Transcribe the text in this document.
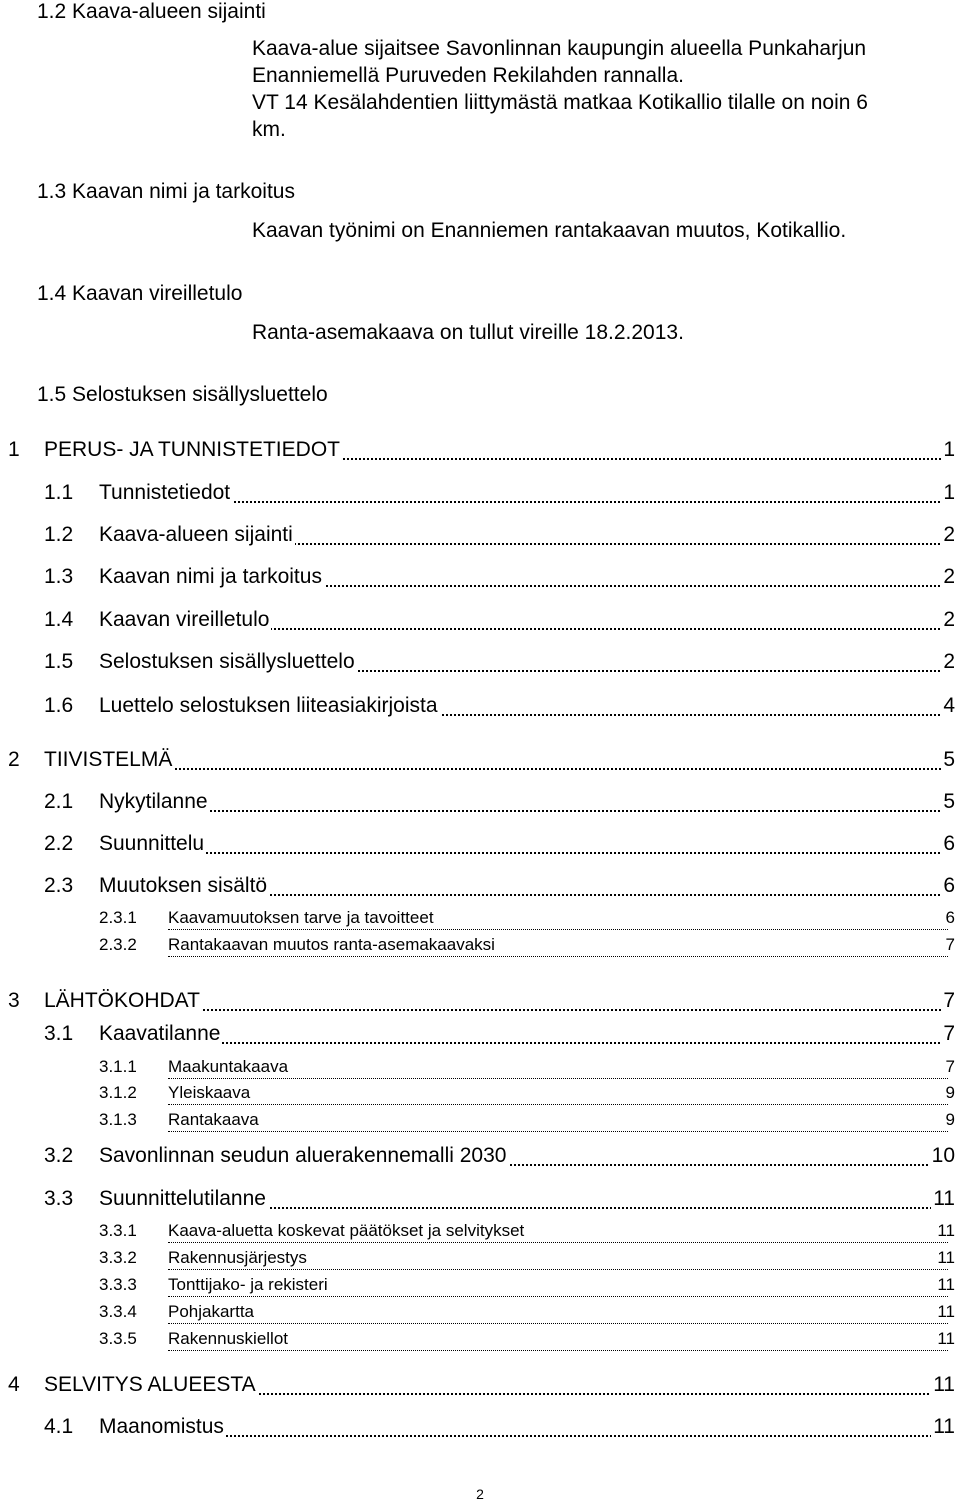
1.2 Kaava-alueen sijainti
Kaava-alue sijaitsee Savonlinnan kaupungin alueella Punkaharjun
Enanniemellä Puruveden Rekilahden rannalla.
VT 14 Kesälahdentien liittymästä matkaa Kotikallio tilalle on noin 6
km.
1.3 Kaavan nimi ja tarkoitus
Kaavan työnimi on Enanniemen rantakaavan muutos, Kotikallio.
1.4 Kaavan vireilletulo
Ranta-asemakaava on tullut vireille 18.2.2013.
1.5 Selostuksen sisällysluettelo
1 PERUS- JA TUNNISTETIEDOT	1
1.1 Tunnistetiedot	1
1.2 Kaava-alueen sijainti	2
1.3 Kaavan nimi ja tarkoitus	2
1.4 Kaavan vireilletulo	2
1.5 Selostuksen sisällysluettelo	2
1.6 Luettelo selostuksen liiteasiakirjoista	4
2 TIIVISTELMÄ	5
2.1 Nykytilanne	5
2.2 Suunnittelu	6
2.3 Muutoksen sisältö	6
2.3.1 Kaavamuutoksen tarve ja tavoitteet	6
2.3.2 Rantakaavan muutos ranta-asemakaavaksi	7
3 LÄHTÖKOHDAT	7
3.1 Kaavatilanne	7
3.1.1 Maakuntakaava	7
3.1.2 Yleiskaava	9
3.1.3 Rantakaava	9
3.2 Savonlinnan seudun aluerakennemalli 2030	10
3.3 Suunnittelutilanne	11
3.3.1 Kaava-aluetta koskevat päätökset ja selvitykset	11
3.3.2 Rakennusjärjestys	11
3.3.3 Tonttijako- ja rekisteri	11
3.3.4 Pohjakartta	11
3.3.5 Rakennuskiellot	11
4 SELVITYS ALUEESTA	11
4.1 Maanomistus	11
2
